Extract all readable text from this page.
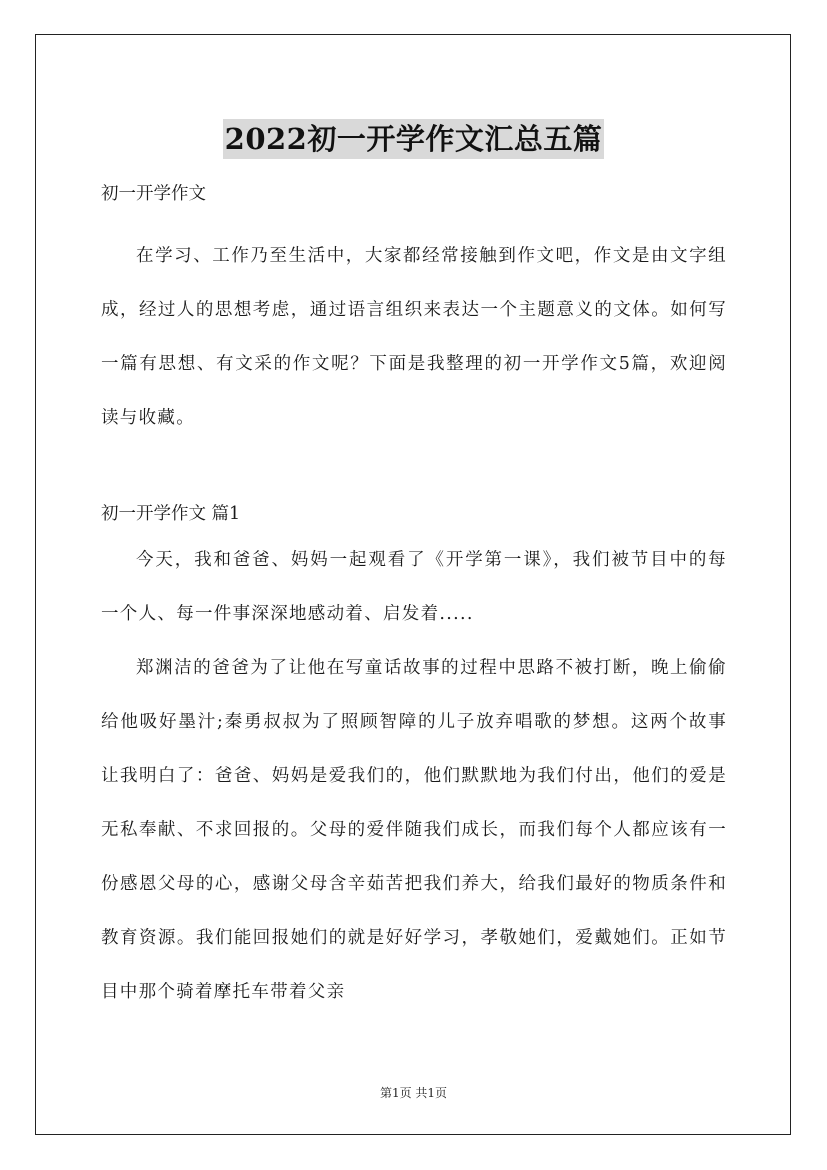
2022初一开学作文汇总五篇

初一开学作文

在学习、工作乃至生活中，大家都经常接触到作文吧，作文是由文字组成，经过人的思想考虑，通过语言组织来表达一个主题意义的文体。如何写一篇有思想、有文采的作文呢？下面是我整理的初一开学作文5篇，欢迎阅读与收藏。

初一开学作文 篇1

今天，我和爸爸、妈妈一起观看了《开学第一课》，我们被节目中的每一个人、每一件事深深地感动着、启发着.....

郑渊洁的爸爸为了让他在写童话故事的过程中思路不被打断，晚上偷偷给他吸好墨汁;秦勇叔叔为了照顾智障的儿子放弃唱歌的梦想。这两个故事让我明白了：爸爸、妈妈是爱我们的，他们默默地为我们付出，他们的爱是无私奉献、不求回报的。父母的爱伴随我们成长，而我们每个人都应该有一份感恩父母的心，感谢父母含辛茹苦把我们养大，给我们最好的物质条件和教育资源。我们能回报她们的就是好好学习，孝敬她们，爱戴她们。正如节目中那个骑着摩托车带着父亲

第1页 共1页
